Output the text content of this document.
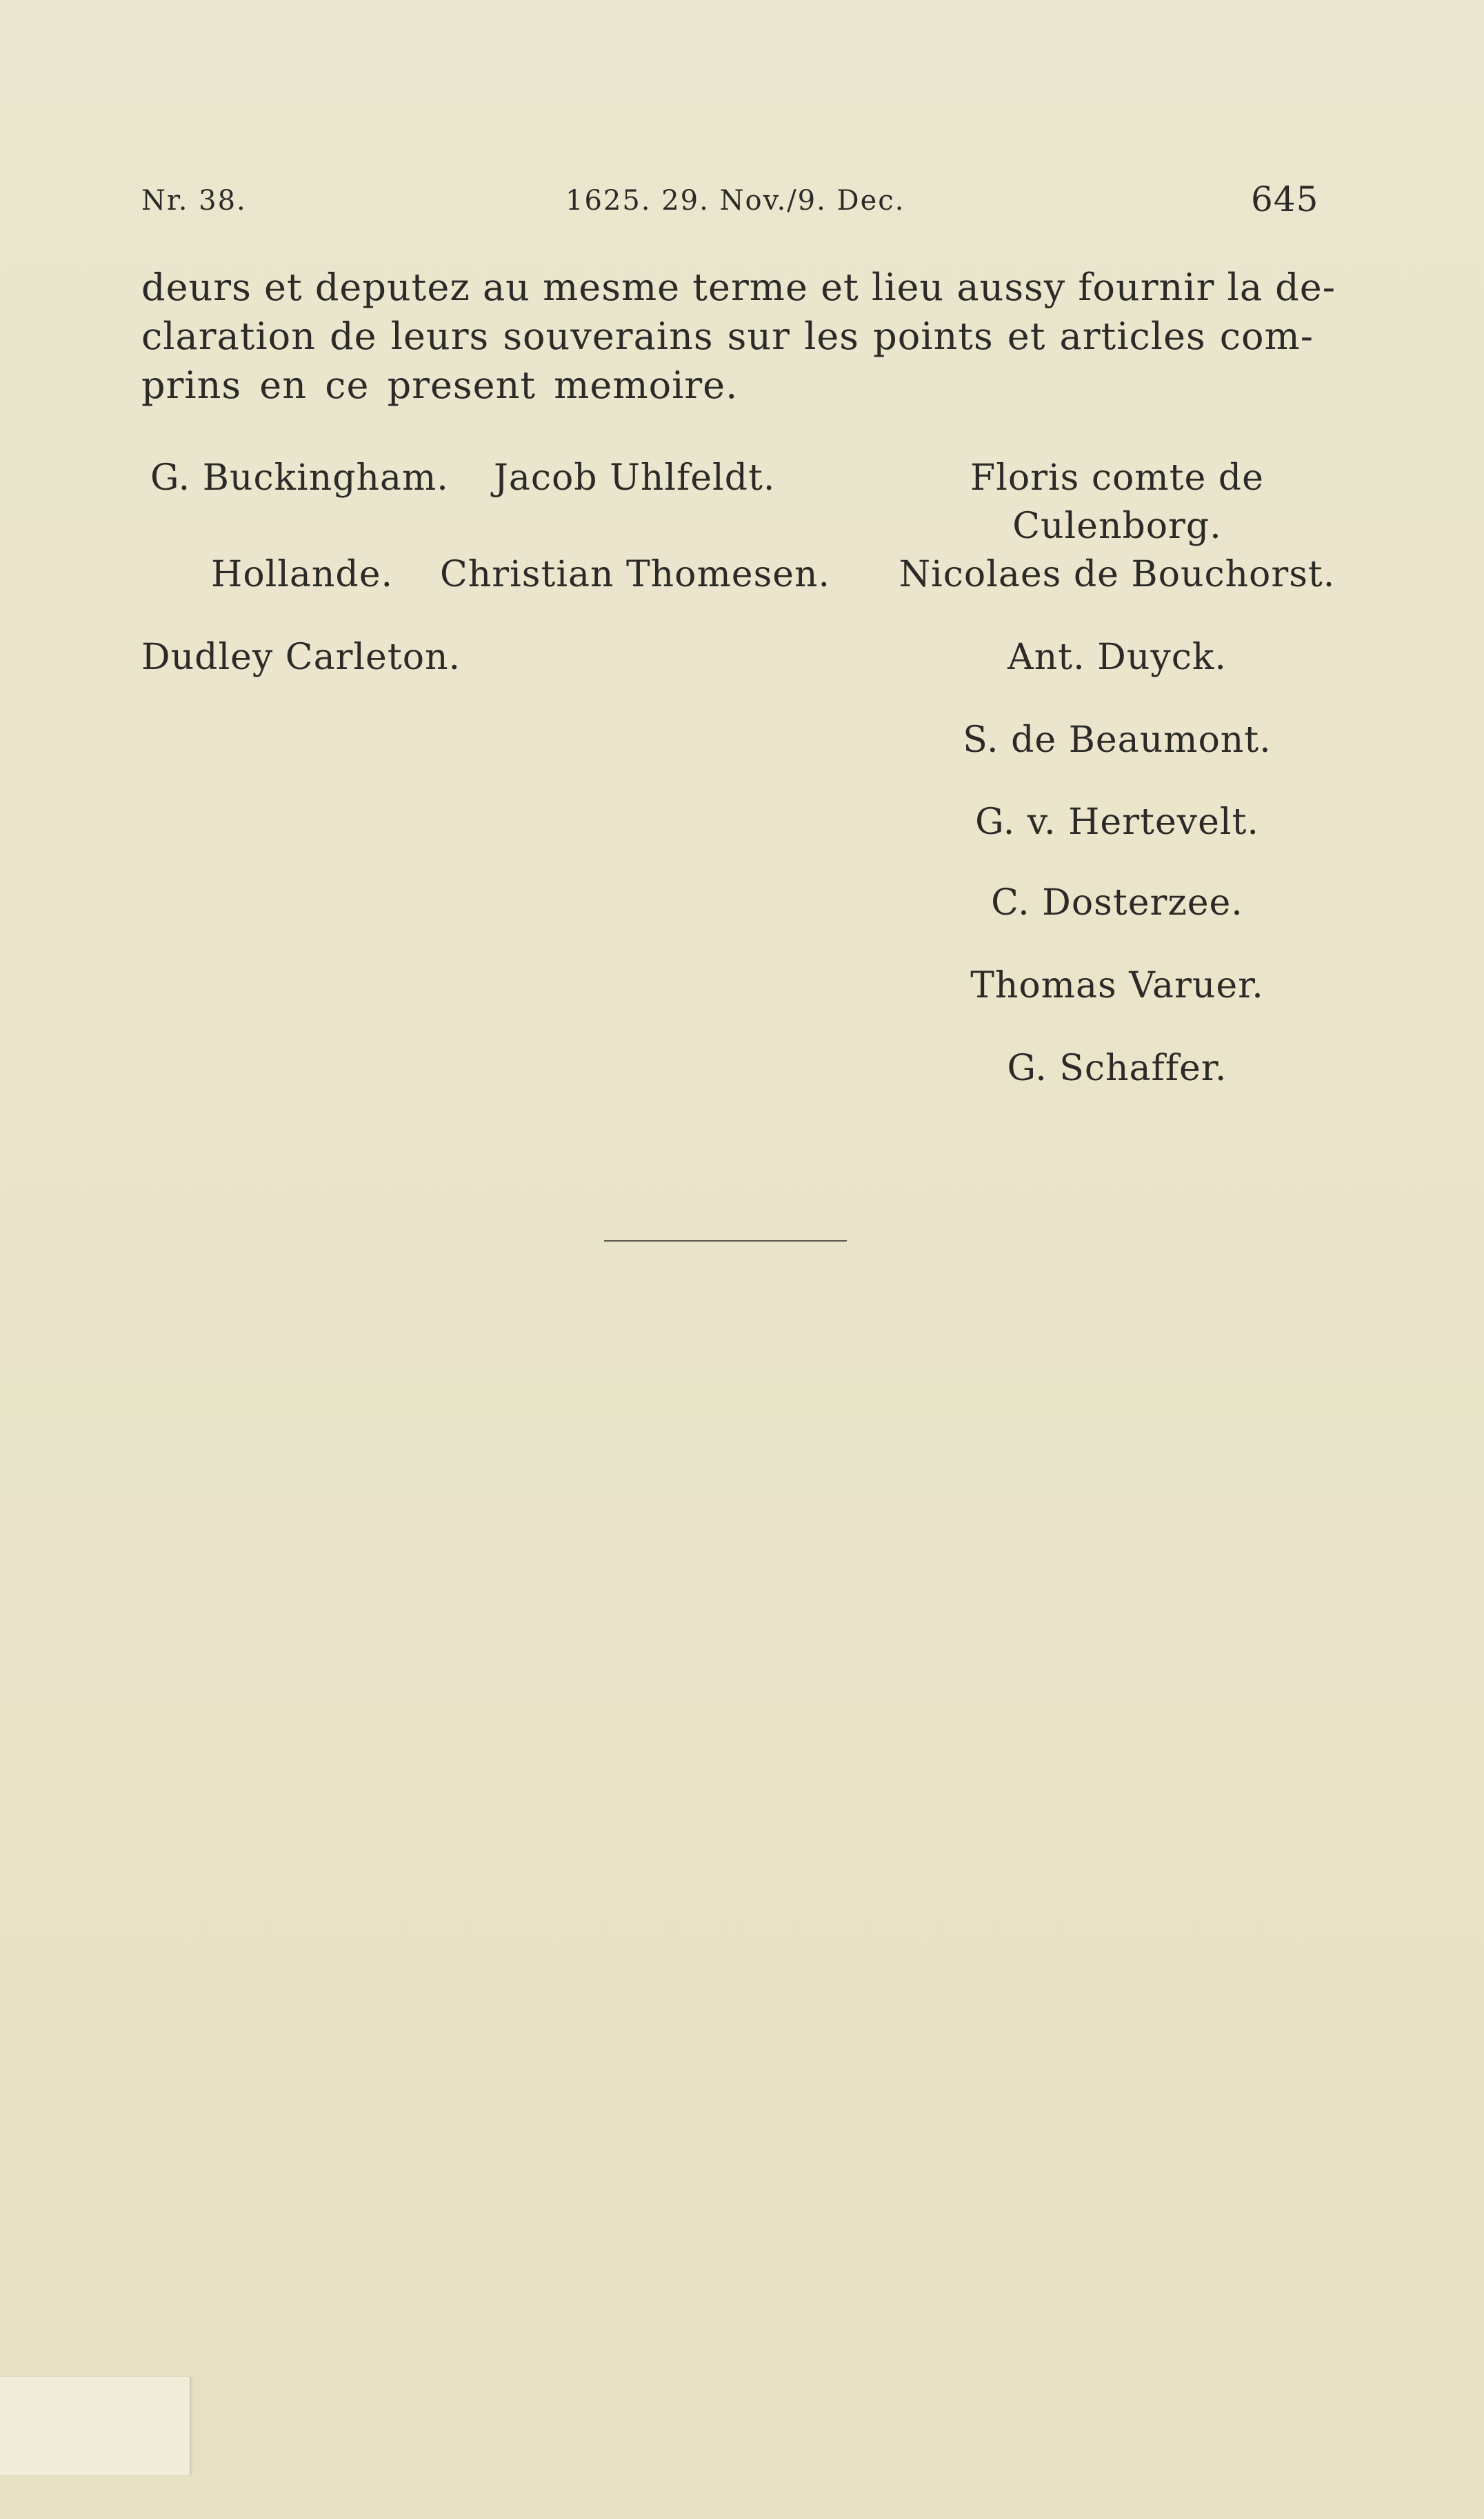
Nr. 38.	1625. 29. Nov./9. Dec.	645
deurs et deputez au mesme terme et lieu aussy fournir la de-
claration de leurs souverains sur les points et articles com-
prins en ce present memoire.
G. Buckingham. Jacob Uhlfeldt.
Hollande. Christian Thomesen.
Dudley Carleton.
Floris comte de
Culenborg.
Nicolaes de Bouchorst.
Ant. Duyck.
S. de Beaumont.
G. v. Hertevelt.
C. Dosterzee.
Thomas Varuer.
G. Schaffer.
